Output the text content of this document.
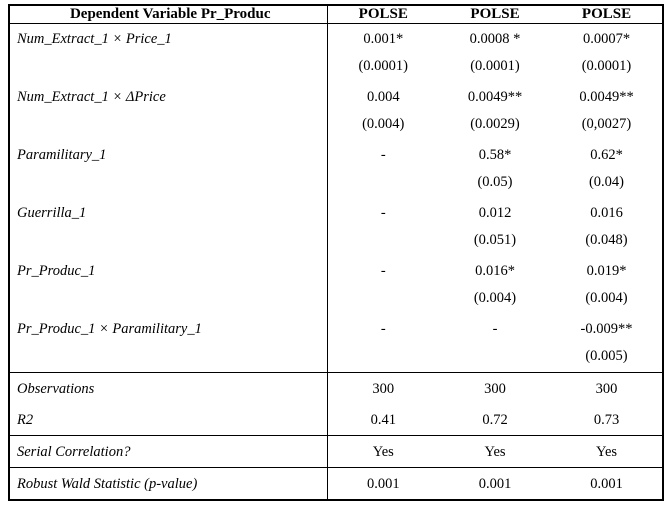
Dependent Variable Pr_Produc	POLSE	POLSE	POLSE
Num_Extract_1 × Price_1	0.001*	0.0008 *	0.0007*
	(0.0001)	(0.0001)	(0.0001)
Num_Extract_1 × ΔPrice	0.004	0.0049**	0.0049**
	(0.004)	(0.0029)	(0,0027)
Paramilitary_1	-	0.58*	0.62*
		(0.05)	(0.04)
Guerrilla_1	-	0.012	0.016
		(0.051)	(0.048)
Pr_Produc_1	-	0.016*	0.019*
		(0.004)	(0.004)
Pr_Produc_1 × Paramilitary_1	-	-	-0.009**
			(0.005)
Observations	300	300	300
R2	0.41	0.72	0.73
Serial Correlation?	Yes	Yes	Yes
Robust Wald Statistic (p-value)	0.001	0.001	0.001
